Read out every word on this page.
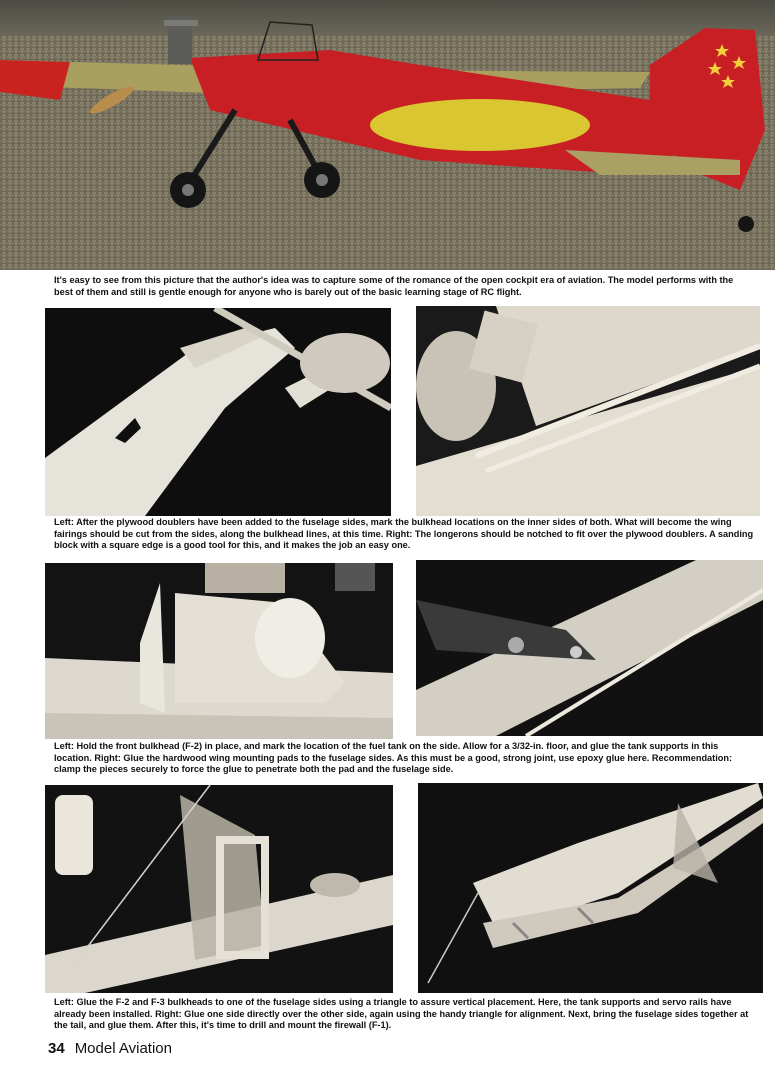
It's easy to see from this picture that the author's idea was to capture some of the romance of the open cockpit era of aviation. The model performs with the best of them and still is gentle enough for anyone who is barely out of the basic learning stage of RC flight.

Left: After the plywood doublers have been added to the fuselage sides, mark the bulkhead locations on the inner sides of both. What will become the wing fairings should be cut from the sides, along the bulkhead lines, at this time. Right: The longerons should be notched to fit over the plywood doublers. A sanding block with a square edge is a good tool for this, and it makes the job an easy one.

Left: Hold the front bulkhead (F-2) in place, and mark the location of the fuel tank on the side. Allow for a 3/32-in. floor, and glue the tank supports in this location. Right: Glue the hardwood wing mounting pads to the fuselage sides. As this must be a good, strong joint, use epoxy glue here. Recommendation: clamp the pieces securely to force the glue to penetrate both the pad and the fuselage side.

Left: Glue the F-2 and F-3 bulkheads to one of the fuselage sides using a triangle to assure vertical placement. Here, the tank supports and servo rails have already been installed. Right: Glue one side directly over the other side, again using the handy triangle for alignment. Next, bring the fuselage sides together at the tail, and glue them. After this, it's time to drill and mount the firewall (F-1).

34 Model Aviation
